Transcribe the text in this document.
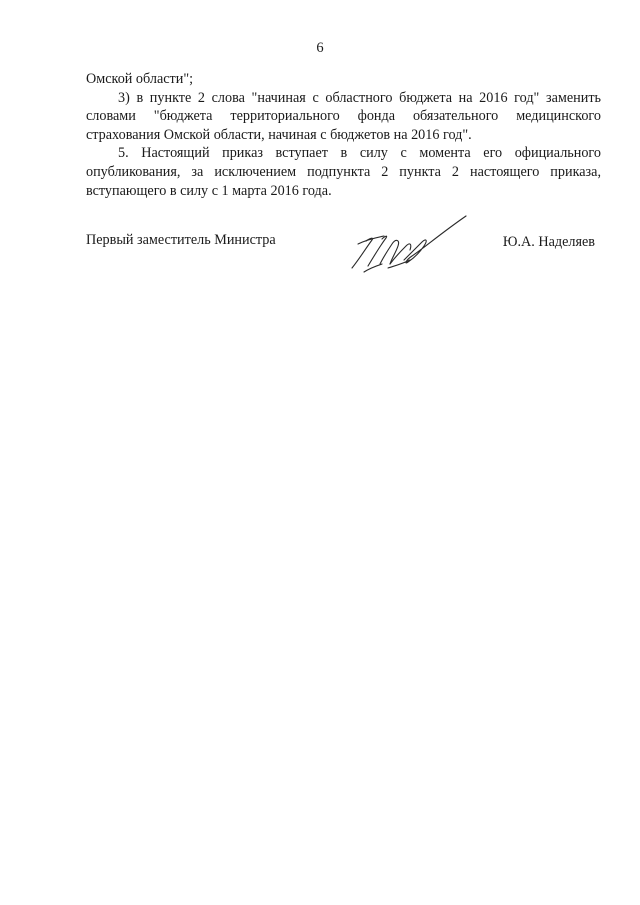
6

Омской области";

3) в пункте 2 слова "начиная с областного бюджета на 2016 год" заменить словами "бюджета территориального фонда обязательного медицинского страхования Омской области, начиная с бюджетов на 2016 год".

5. Настоящий приказ вступает в силу с момента его официального опубликования, за исключением подпункта 2 пункта 2 настоящего приказа, вступающего в силу с 1 марта 2016 года.

Первый заместитель Министра	Ю.А. Наделяев
